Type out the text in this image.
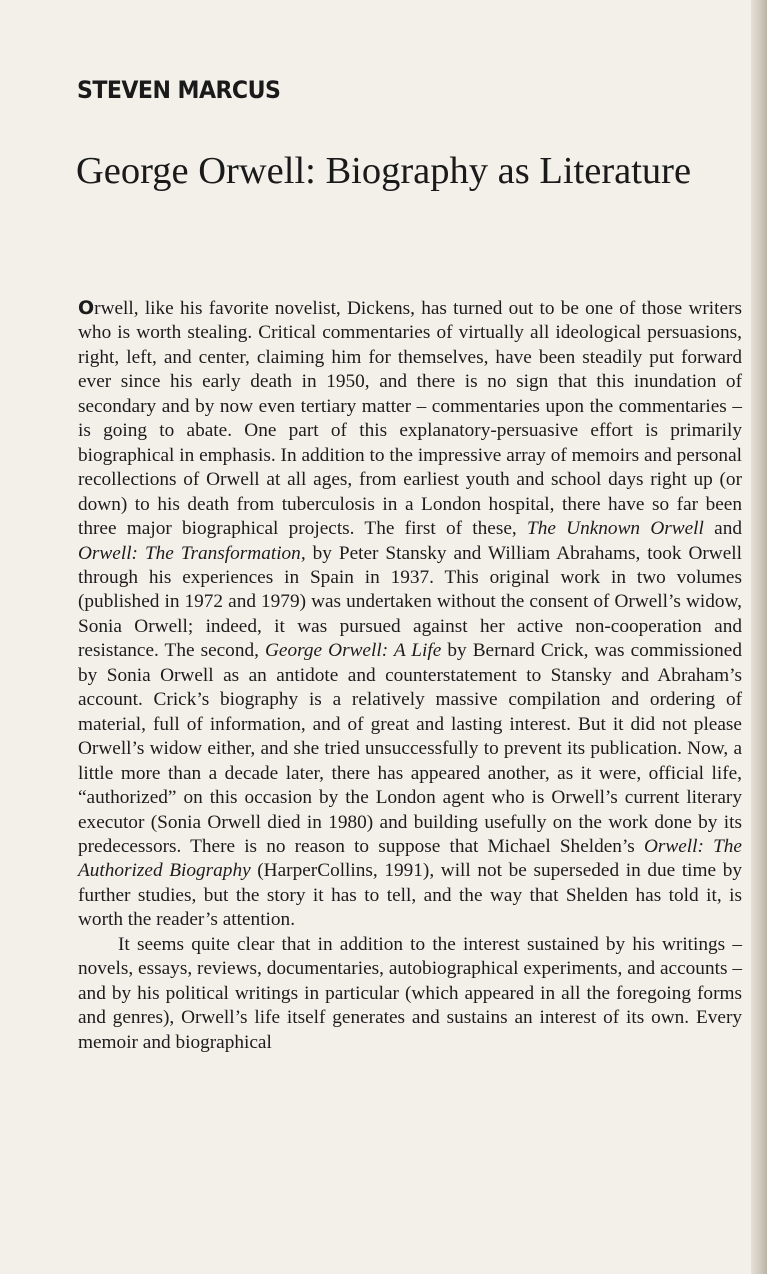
STEVEN MARCUS
George Orwell: Biography as Literature

Orwell, like his favorite novelist, Dickens, has turned out to be one of those writers who is worth stealing. Critical commentaries of virtually all ideological persuasions, right, left, and center, claiming him for themselves, have been steadily put forward ever since his early death in 1950, and there is no sign that this inundation of secondary and by now even tertiary matter – commentaries upon the commentaries – is going to abate. One part of this explanatory-persuasive effort is primarily biographical in emphasis. In addition to the impressive array of memoirs and personal recollections of Orwell at all ages, from earliest youth and school days right up (or down) to his death from tuberculosis in a London hospital, there have so far been three major biographical projects. The first of these, The Unknown Orwell and Orwell: The Transformation, by Peter Stansky and William Abrahams, took Orwell through his experiences in Spain in 1937. This original work in two volumes (published in 1972 and 1979) was undertaken without the consent of Orwell’s widow, Sonia Orwell; indeed, it was pursued against her active non-cooperation and resistance. The second, George Orwell: A Life by Bernard Crick, was commissioned by Sonia Orwell as an antidote and counterstatement to Stansky and Abraham’s account. Crick’s biography is a relatively massive compilation and ordering of material, full of information, and of great and lasting interest. But it did not please Orwell’s widow either, and she tried unsuccessfully to prevent its publication. Now, a little more than a decade later, there has appeared another, as it were, official life, “authorized” on this occasion by the London agent who is Orwell’s current literary executor (Sonia Orwell died in 1980) and building usefully on the work done by its predecessors. There is no reason to suppose that Michael Shelden’s Orwell: The Authorized Biography (HarperCollins, 1991), will not be superseded in due time by further studies, but the story it has to tell, and the way that Shelden has told it, is worth the reader’s attention.

It seems quite clear that in addition to the interest sustained by his writings – novels, essays, reviews, documentaries, autobiographical experiments, and accounts – and by his political writings in particular (which appeared in all the foregoing forms and genres), Orwell’s life itself generates and sustains an interest of its own. Every memoir and biographical
